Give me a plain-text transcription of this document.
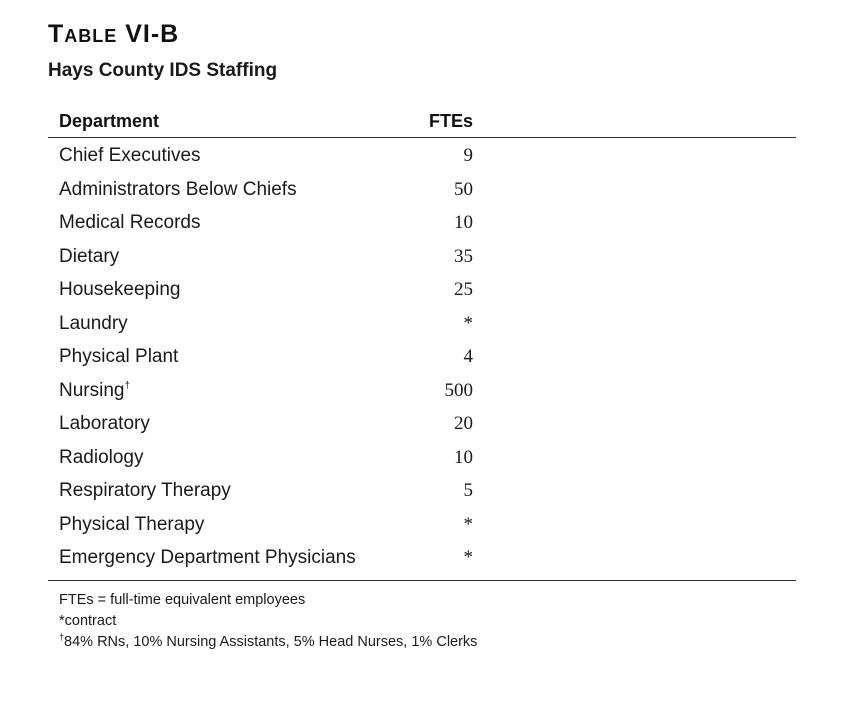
Table VI-B
Hays County IDS Staffing
Department	FTEs
Chief Executives	9
Administrators Below Chiefs	50
Medical Records	10
Dietary	35
Housekeeping	25
Laundry	*
Physical Plant	4
Nursing†	500
Laboratory	20
Radiology	10
Respiratory Therapy	5
Physical Therapy	*
Emergency Department Physicians	*
FTEs = full-time equivalent employees
*contract
†84% RNs, 10% Nursing Assistants, 5% Head Nurses, 1% Clerks
